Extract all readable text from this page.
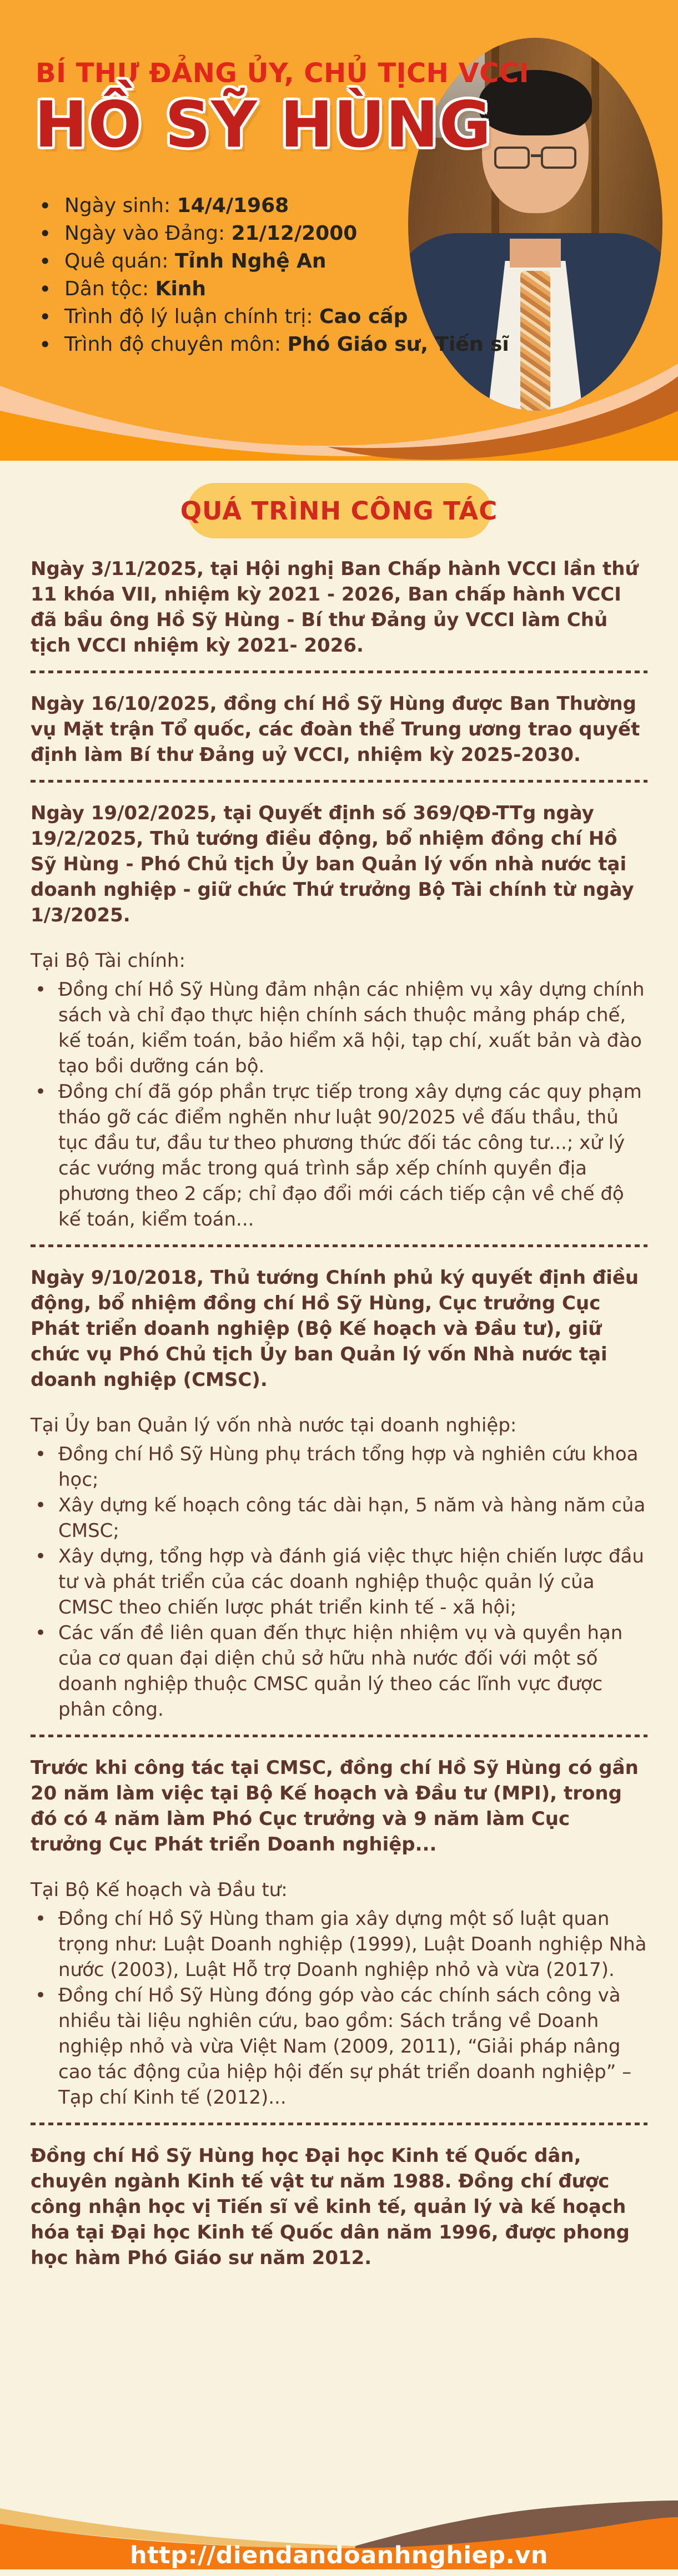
BÍ THƯ ĐẢNG ỦY, CHỦ TỊCH VCCI
HỒ SỸ HÙNG
• Ngày sinh: 14/4/1968
• Ngày vào Đảng: 21/12/2000
• Quê quán: Tỉnh Nghệ An
• Dân tộc: Kinh
• Trình độ lý luận chính trị: Cao cấp
• Trình độ chuyên môn: Phó Giáo sư, Tiến sĩ
QUÁ TRÌNH CÔNG TÁC

Ngày 3/11/2025, tại Hội nghị Ban Chấp hành VCCI lần thứ 11 khóa VII, nhiệm kỳ 2021 - 2026, Ban chấp hành VCCI đã bầu ông Hồ Sỹ Hùng - Bí thư Đảng ủy VCCI làm Chủ tịch VCCI nhiệm kỳ 2021- 2026.

Ngày 16/10/2025, đồng chí Hồ Sỹ Hùng được Ban Thường vụ Mặt trận Tổ quốc, các đoàn thể Trung ương trao quyết định làm Bí thư Đảng uỷ VCCI, nhiệm kỳ 2025-2030.

Ngày 19/02/2025, tại Quyết định số 369/QĐ-TTg ngày 19/2/2025, Thủ tướng điều động, bổ nhiệm đồng chí Hồ Sỹ Hùng - Phó Chủ tịch Ủy ban Quản lý vốn nhà nước tại doanh nghiệp - giữ chức Thứ trưởng Bộ Tài chính từ ngày 1/3/2025.

Tại Bộ Tài chính:

• Đồng chí Hồ Sỹ Hùng đảm nhận các nhiệm vụ xây dựng chính sách và chỉ đạo thực hiện chính sách thuộc mảng pháp chế, kế toán, kiểm toán, bảo hiểm xã hội, tạp chí, xuất bản và đào tạo bồi dưỡng cán bộ.
• Đồng chí đã góp phần trực tiếp trong xây dựng các quy phạm tháo gỡ các điểm nghẽn như luật 90/2025 về đấu thầu, thủ tục đầu tư, đầu tư theo phương thức đối tác công tư...; xử lý các vướng mắc trong quá trình sắp xếp chính quyền địa phương theo 2 cấp; chỉ đạo đổi mới cách tiếp cận về chế độ kế toán, kiểm toán...

Ngày 9/10/2018, Thủ tướng Chính phủ ký quyết định điều động, bổ nhiệm đồng chí Hồ Sỹ Hùng, Cục trưởng Cục Phát triển doanh nghiệp (Bộ Kế hoạch và Đầu tư), giữ chức vụ Phó Chủ tịch Ủy ban Quản lý vốn Nhà nước tại doanh nghiệp (CMSC).

Tại Ủy ban Quản lý vốn nhà nước tại doanh nghiệp:

• Đồng chí Hồ Sỹ Hùng phụ trách tổng hợp và nghiên cứu khoa học;
• Xây dựng kế hoạch công tác dài hạn, 5 năm và hàng năm của CMSC;
• Xây dựng, tổng hợp và đánh giá việc thực hiện chiến lược đầu tư và phát triển của các doanh nghiệp thuộc quản lý của CMSC theo chiến lược phát triển kinh tế - xã hội;
• Các vấn đề liên quan đến thực hiện nhiệm vụ và quyền hạn của cơ quan đại diện chủ sở hữu nhà nước đối với một số doanh nghiệp thuộc CMSC quản lý theo các lĩnh vực được phân công.

Trước khi công tác tại CMSC, đồng chí Hồ Sỹ Hùng có gần 20 năm làm việc tại Bộ Kế hoạch và Đầu tư (MPI), trong đó có 4 năm làm Phó Cục trưởng và 9 năm làm Cục trưởng Cục Phát triển Doanh nghiệp...

Tại Bộ Kế hoạch và Đầu tư:

• Đồng chí Hồ Sỹ Hùng tham gia xây dựng một số luật quan trọng như: Luật Doanh nghiệp (1999), Luật Doanh nghiệp Nhà nước (2003), Luật Hỗ trợ Doanh nghiệp nhỏ và vừa (2017).
• Đồng chí Hồ Sỹ Hùng đóng góp vào các chính sách công và nhiều tài liệu nghiên cứu, bao gồm: Sách trắng về Doanh nghiệp nhỏ và vừa Việt Nam (2009, 2011), “Giải pháp nâng cao tác động của hiệp hội đến sự phát triển doanh nghiệp” – Tạp chí Kinh tế (2012)...

Đồng chí Hồ Sỹ Hùng học Đại học Kinh tế Quốc dân, chuyên ngành Kinh tế vật tư năm 1988. Đồng chí được công nhận học vị Tiến sĩ về kinh tế, quản lý và kế hoạch hóa tại Đại học Kinh tế Quốc dân năm 1996, được phong học hàm Phó Giáo sư năm 2012.

http://diendandoanhnghiep.vn
